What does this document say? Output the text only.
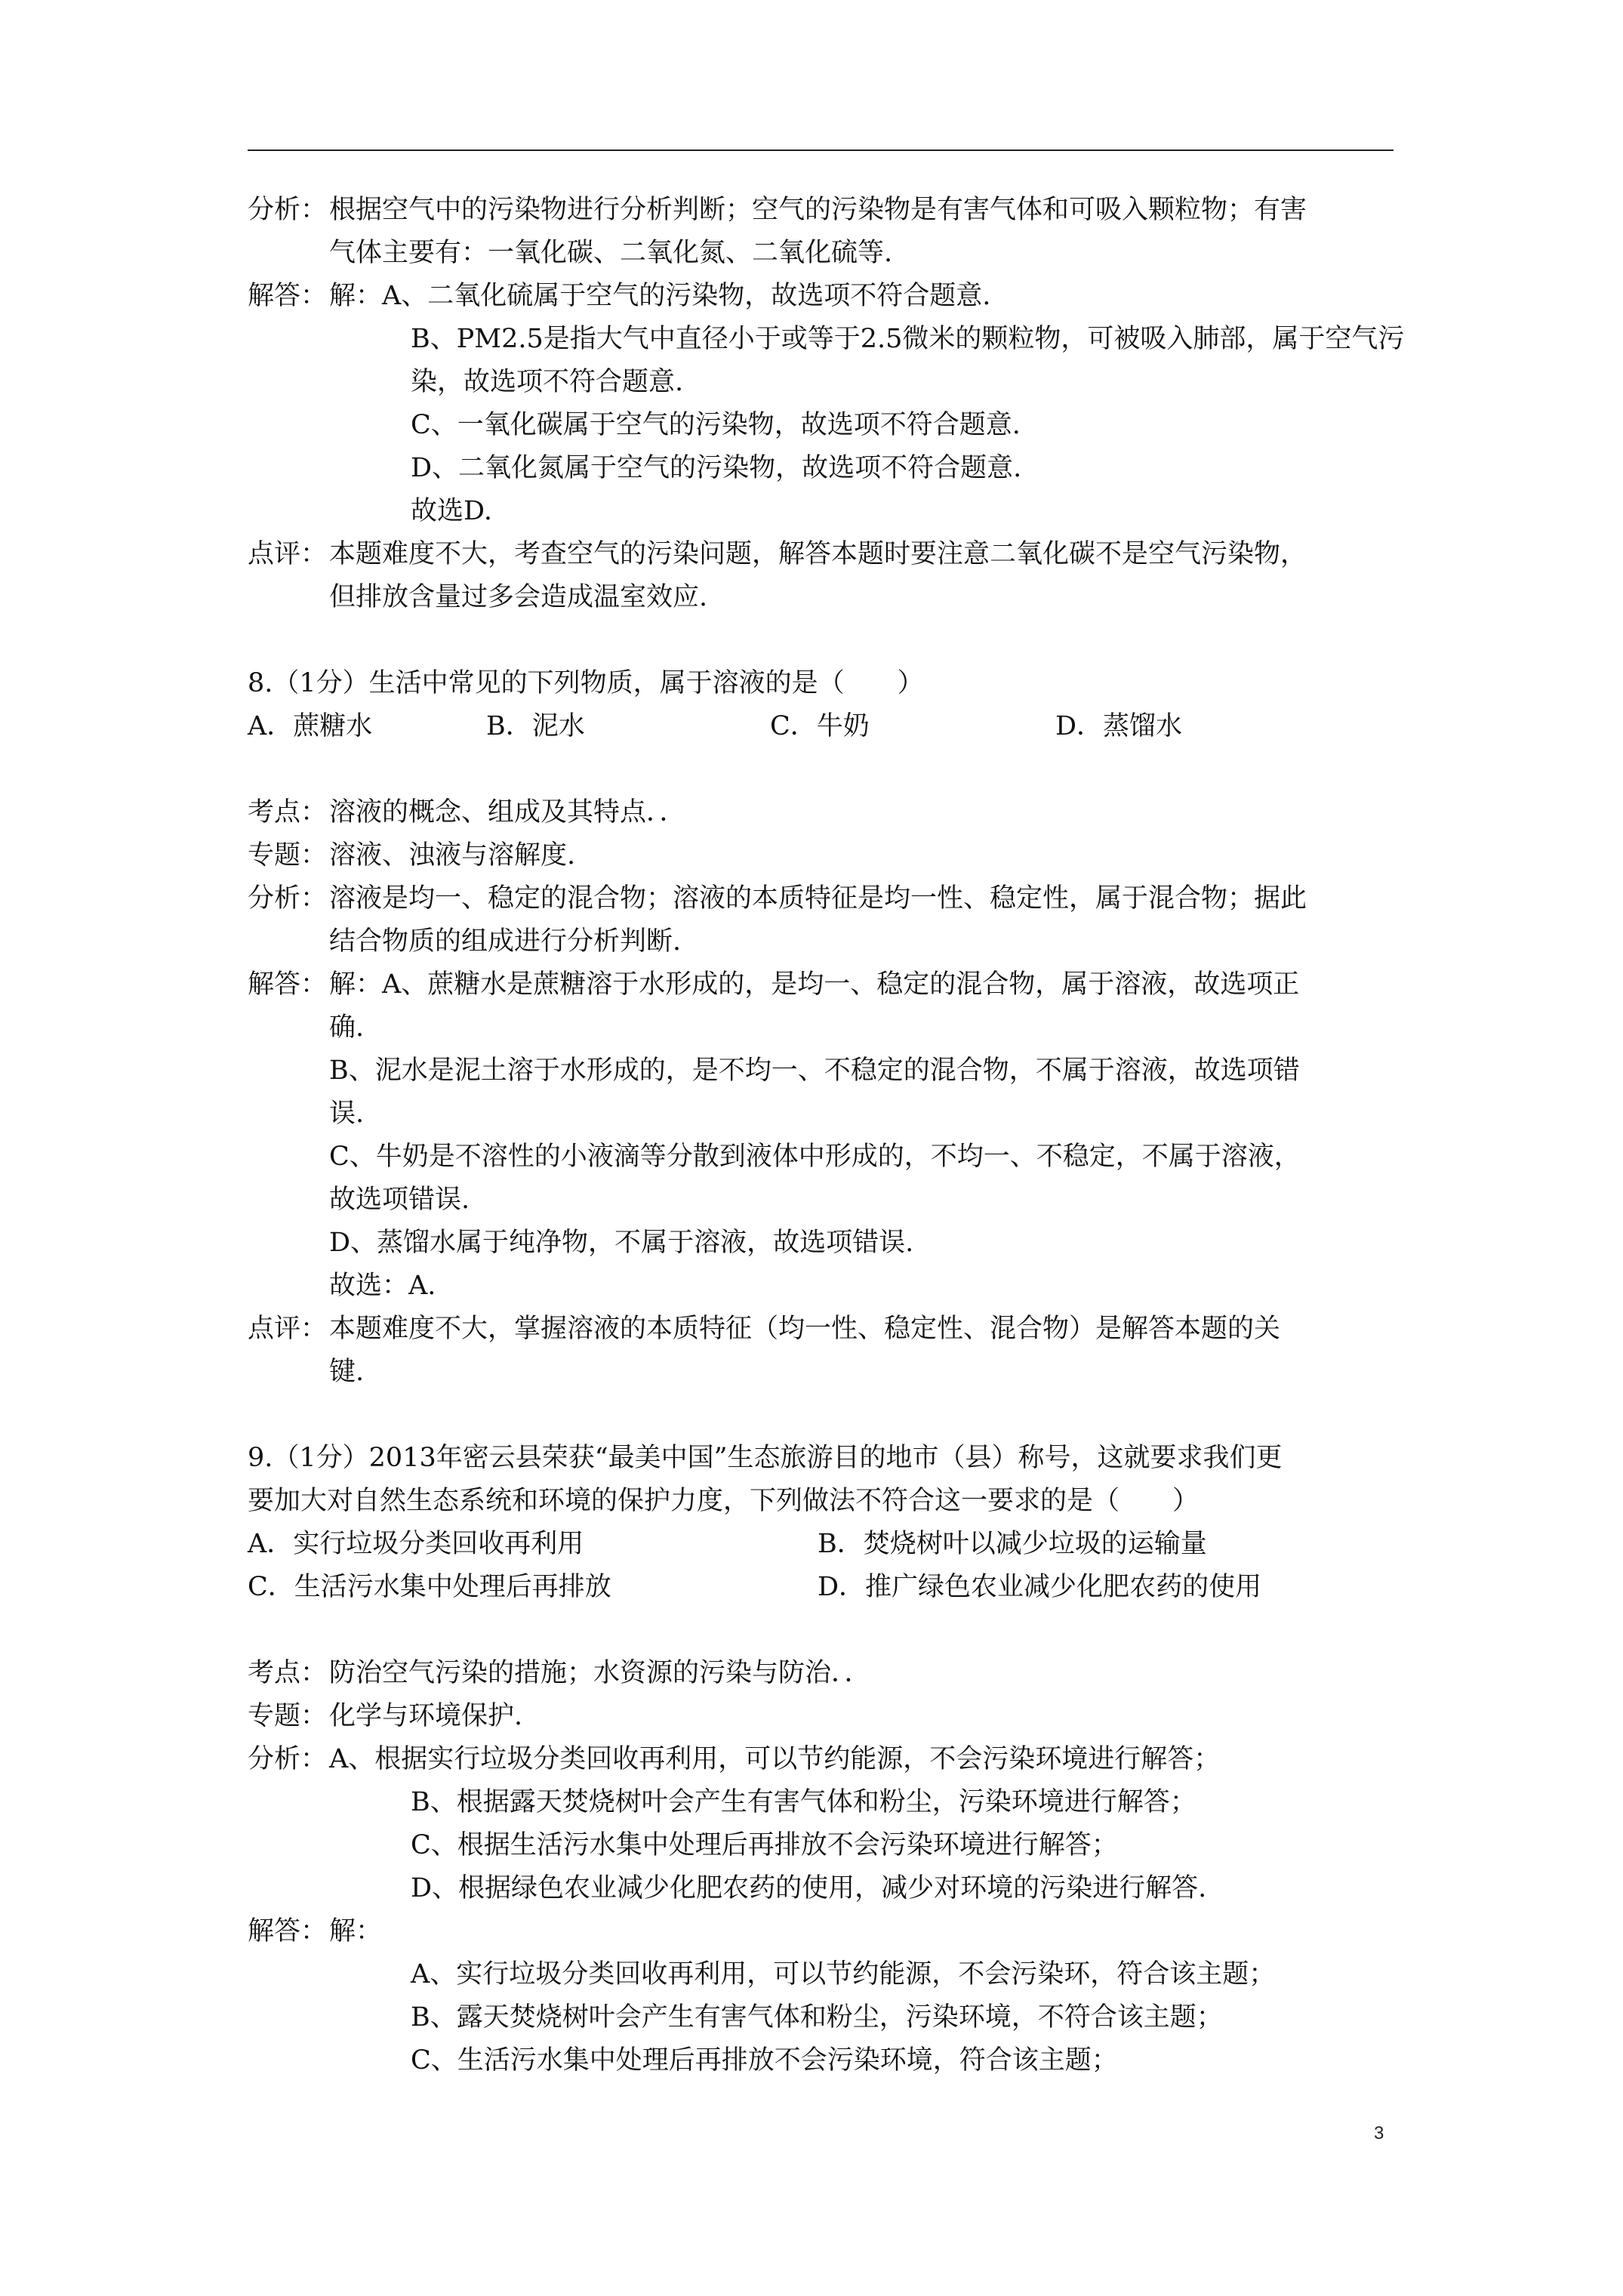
分析： 根据空气中的污染物进行分析判断；空气的污染物是有害气体和可吸入颗粒物；有害
气体主要有：一氧化碳、二氧化氮、二氧化硫等.
解答： 解：A、二氧化硫属于空气的污染物，故选项不符合题意.
B、PM2.5是指大气中直径小于或等于2.5微米的颗粒物，可被吸入肺部，属于空气污
染，故选项不符合题意.
C、一氧化碳属于空气的污染物，故选项不符合题意.
D、二氧化氮属于空气的污染物，故选项不符合题意.
故选D.
点评： 本题难度不大，考查空气的污染问题，解答本题时要注意二氧化碳不是空气污染物，
但排放含量过多会造成温室效应.
8.（1分）生活中常见的下列物质，属于溶液的是（　　）
A．蔗糖水	B．泥水	C．牛奶	D．蒸馏水
考点： 溶液的概念、组成及其特点．．
专题： 溶液、浊液与溶解度.
分析： 溶液是均一、稳定的混合物；溶液的本质特征是均一性、稳定性，属于混合物；据此
结合物质的组成进行分析判断.
解答： 解：A、蔗糖水是蔗糖溶于水形成的，是均一、稳定的混合物，属于溶液，故选项正
确.
B、泥水是泥土溶于水形成的，是不均一、不稳定的混合物，不属于溶液，故选项错
误.
C、牛奶是不溶性的小液滴等分散到液体中形成的，不均一、不稳定，不属于溶液，
故选项错误.
D、蒸馏水属于纯净物，不属于溶液，故选项错误.
故选：A.
点评： 本题难度不大，掌握溶液的本质特征（均一性、稳定性、混合物）是解答本题的关
键.
9.（1分）2013年密云县荣获“最美中国”生态旅游目的地市（县）称号，这就要求我们更
要加大对自然生态系统和环境的保护力度，下列做法不符合这一要求的是（　　）
A．实行垃圾分类回收再利用	B．焚烧树叶以减少垃圾的运输量
C．生活污水集中处理后再排放	D．推广绿色农业减少化肥农药的使用
考点： 防治空气污染的措施；水资源的污染与防治．．
专题： 化学与环境保护.
分析： A、根据实行垃圾分类回收再利用，可以节约能源，不会污染环境进行解答；
B、根据露天焚烧树叶会产生有害气体和粉尘，污染环境进行解答；
C、根据生活污水集中处理后再排放不会污染环境进行解答；
D、根据绿色农业减少化肥农药的使用，减少对环境的污染进行解答.
解答： 解：
A、实行垃圾分类回收再利用，可以节约能源，不会污染环，符合该主题；
B、露天焚烧树叶会产生有害气体和粉尘，污染环境，不符合该主题；
C、生活污水集中处理后再排放不会污染环境，符合该主题；
3
